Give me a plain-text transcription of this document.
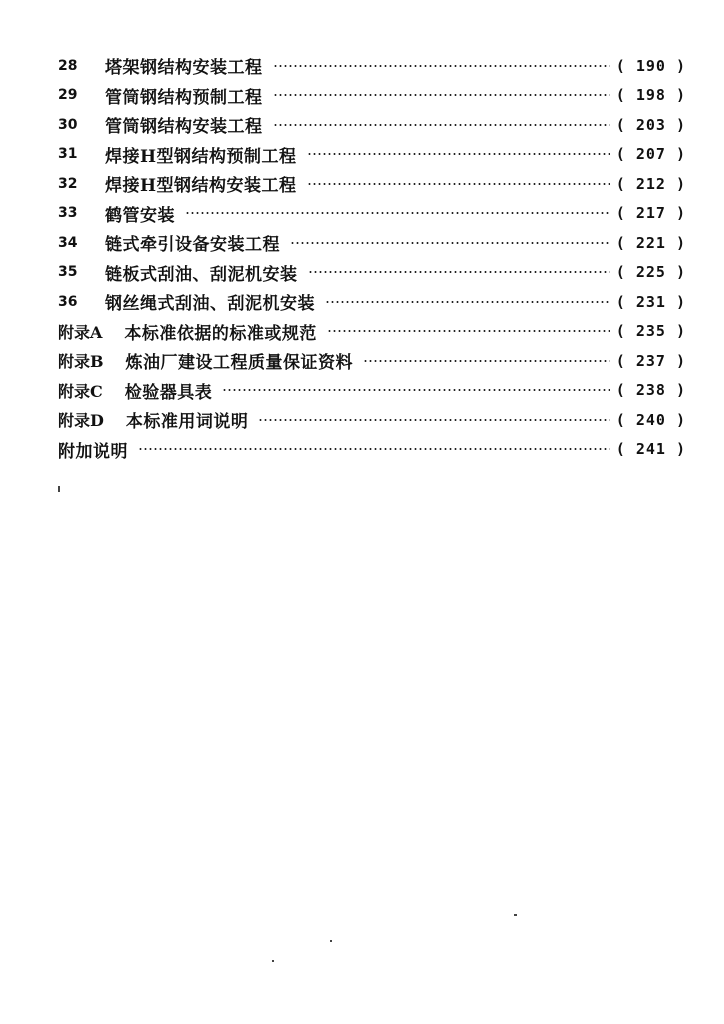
28	塔架钢结构安装工程	( 190 )
29	管筒钢结构预制工程	( 198 )
30	管筒钢结构安装工程	( 203 )
31	焊接H型钢结构预制工程	( 207 )
32	焊接H型钢结构安装工程	( 212 )
33	鹤管安装	( 217 )
34	链式牵引设备安装工程	( 221 )
35	链板式刮油、刮泥机安装	( 225 )
36	钢丝绳式刮油、刮泥机安装	( 231 )
附录A 本标准依据的标准或规范	( 235 )
附录B 炼油厂建设工程质量保证资料	( 237 )
附录C 检验器具表	( 238 )
附录D 本标准用词说明	( 240 )
附加说明	( 241 )
